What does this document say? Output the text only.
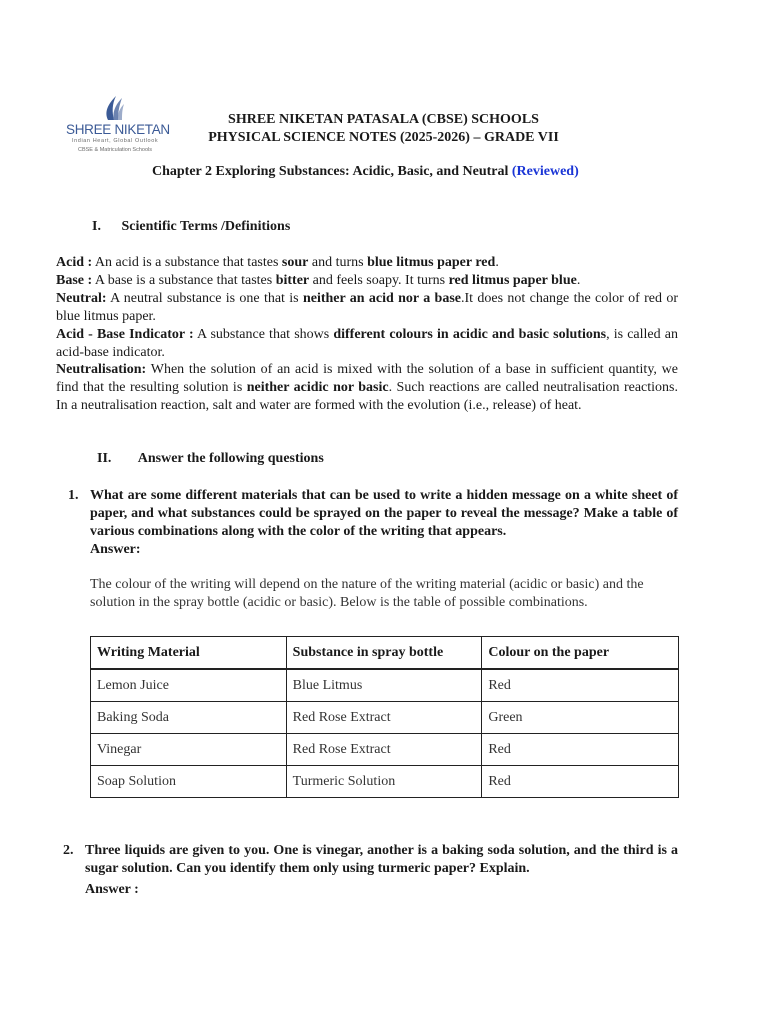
SHREE NIKETAN
Indian Heart, Global Outlook
CBSE & Matriculation Schools
SHREE NIKETAN PATASALA (CBSE) SCHOOLS
PHYSICAL SCIENCE NOTES (2025-2026) – GRADE VII
Chapter 2 Exploring Substances: Acidic, Basic, and Neutral (Reviewed)
I. Scientific Terms /Definitions
Acid : An acid is a substance that tastes sour and turns blue litmus paper red.
Base : A base is a substance that tastes bitter and feels soapy. It turns red litmus paper blue.
Neutral: A neutral substance is one that is neither an acid nor a base.It does not change the color of red or blue litmus paper.
Acid - Base Indicator : A substance that shows different colours in acidic and basic solutions, is called an acid-base indicator.
Neutralisation: When the solution of an acid is mixed with the solution of a base in sufficient quantity, we find that the resulting solution is neither acidic nor basic. Such reactions are called neutralisation reactions. In a neutralisation reaction, salt and water are formed with the evolution (i.e., release) of heat.
II. Answer the following questions
1. What are some different materials that can be used to write a hidden message on a white sheet of paper, and what substances could be sprayed on the paper to reveal the message? Make a table of various combinations along with the color of the writing that appears.
Answer:
The colour of the writing will depend on the nature of the writing material (acidic or basic) and the solution in the spray bottle (acidic or basic). Below is the table of possible combinations.
Writing Material	Substance in spray bottle	Colour on the paper
Lemon Juice	Blue Litmus	Red
Baking Soda	Red Rose Extract	Green
Vinegar	Red Rose Extract	Red
Soap Solution	Turmeric Solution	Red
2. Three liquids are given to you. One is vinegar, another is a baking soda solution, and the third is a sugar solution. Can you identify them only using turmeric paper? Explain.
Answer :
